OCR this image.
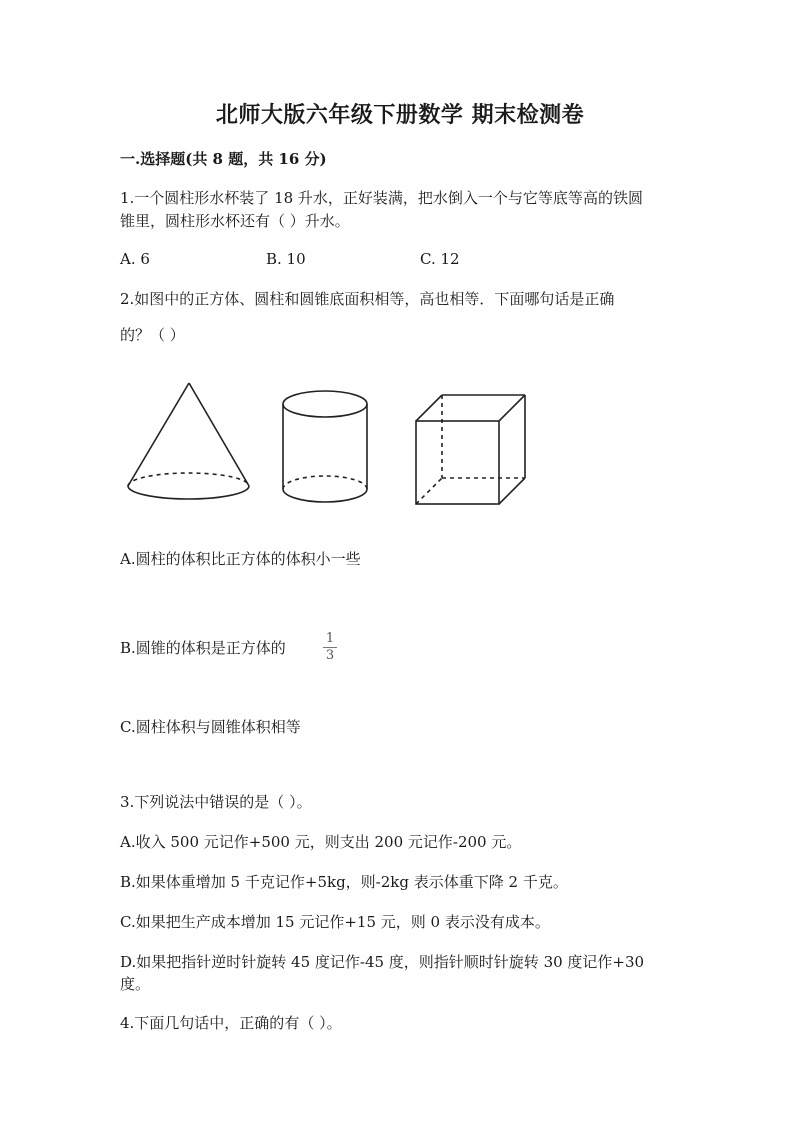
北师大版六年级下册数学 期末检测卷
一.选择题(共 8 题，共 16 分)
1.一个圆柱形水杯装了 18 升水，正好装满，把水倒入一个与它等底等高的铁圆
锥里，圆柱形水杯还有（ ）升水。
A. 6	B. 10	C. 12
2.如图中的正方体、圆柱和圆锥底面积相等，高也相等．下面哪句话是正确
的？（ ）
A.圆柱的体积比正方体的体积小一些
B.圆锥的体积是正方体的
1
3
C.圆柱体积与圆锥体积相等
3.下列说法中错误的是（ ）。
A.收入 500 元记作+500 元，则支出 200 元记作-200 元。
B.如果体重增加 5 千克记作+5kg，则-2kg 表示体重下降 2 千克。
C.如果把生产成本增加 15 元记作+15 元，则 0 表示没有成本。
D.如果把指针逆时针旋转 45 度记作-45 度，则指针顺时针旋转 30 度记作+30
度。
4.下面几句话中，正确的有（ ）。
